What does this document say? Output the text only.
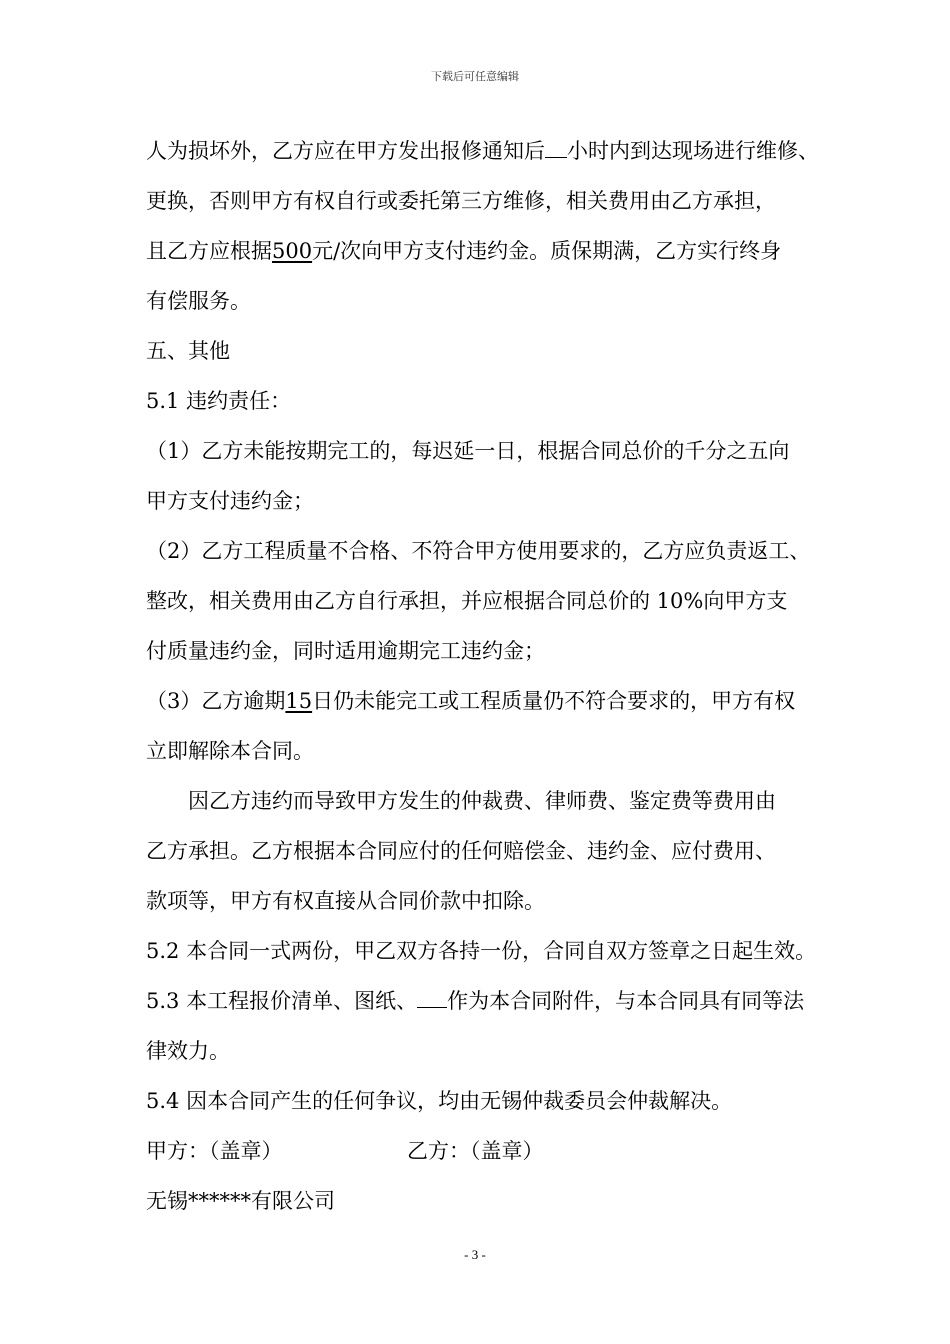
下载后可任意编辑
人为损坏外，乙方应在甲方发出报修通知后 小时内到达现场进行维修、
更换，否则甲方有权自行或委托第三方维修，相关费用由乙方承担，
且乙方应根据500元/次向甲方支付违约金。质保期满，乙方实行终身
有偿服务。
五、其他
5.1 违约责任：
（1）乙方未能按期完工的，每迟延一日，根据合同总价的千分之五向
甲方支付违约金；
（2）乙方工程质量不合格、不符合甲方使用要求的，乙方应负责返工、
整改，相关费用由乙方自行承担，并应根据合同总价的 10%向甲方支
付质量违约金，同时适用逾期完工违约金；
（3）乙方逾期15日仍未能完工或工程质量仍不符合要求的，甲方有权
立即解除本合同。
因乙方违约而导致甲方发生的仲裁费、律师费、鉴定费等费用由
乙方承担。乙方根据本合同应付的任何赔偿金、违约金、应付费用、
款项等，甲方有权直接从合同价款中扣除。
5.2 本合同一式两份，甲乙双方各持一份，合同自双方签章之日起生效。
5.3 本工程报价清单、图纸、 作为本合同附件，与本合同具有同等法
律效力。
5.4 因本合同产生的任何争议，均由无锡仲裁委员会仲裁解决。
甲方：（盖章）	乙方：（盖章）
无锡******有限公司
- 3 -
